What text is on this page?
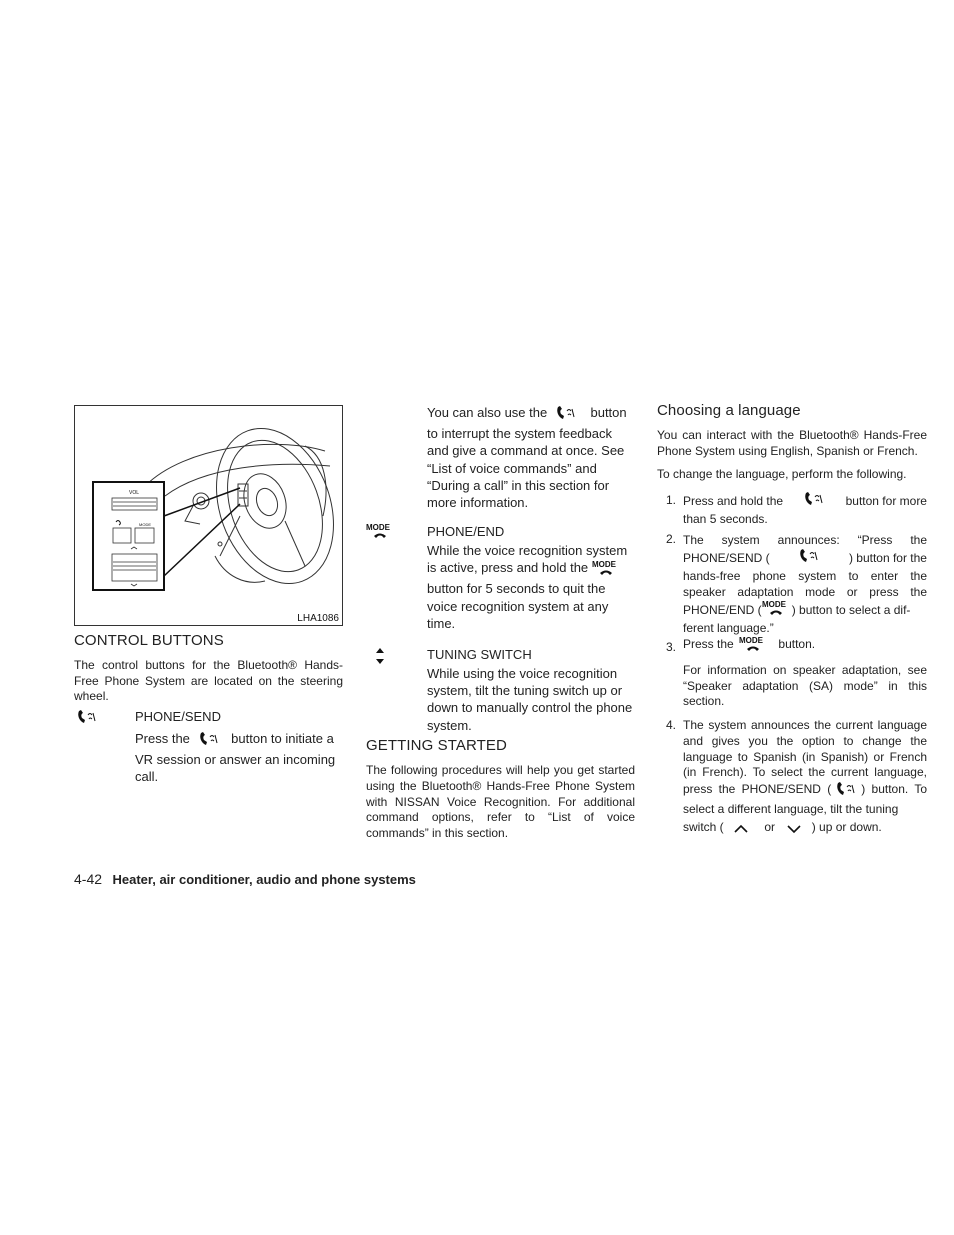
VOL
MODE
LHA1086
CONTROL BUTTONS

The control buttons for the Bluetooth® Hands-Free Phone System are located on the steering wheel.

PHONE/SEND
Press the	button to initiate a
VR session or answer an incoming call.
You can also use the	button
to interrupt the system feedback and give a command at once. See “List of voice commands” and “During a call” in this section for more information.
MODE	PHONE/END
While the voice recognition system
is active, press and hold the MODE
button for 5 seconds to quit the voice recognition system at any time.
TUNING SWITCH

While using the voice recognition system, tilt the tuning switch up or down to manually control the phone system.

GETTING STARTED

The following procedures will help you get started using the Bluetooth® Hands-Free Phone System with NISSAN Voice Recognition. For additional command options, refer to “List of voice commands” in this section.

Choosing a language

You can interact with the Bluetooth® Hands-Free Phone System using English, Spanish or French.

To change the language, perform the following.

1. Press and hold the	button for more
than 5 seconds.
2. The system announces: “Press the
PHONE/SEND (	) button for the
hands-free phone system to enter the
speaker adaptation mode or press the
PHONE/END ( MODE ) button to select a dif-
ferent language.”
3. Press the MODE button.

For information on speaker adaptation, see “Speaker adaptation (SA) mode” in this section.

4. The system announces the current language and gives you the option to change the language to Spanish (in Spanish) or French (in French). To select the current language, press the PHONE/SEND (	) button. To select a different language, tilt the tuning
switch (	or	) up or down.
4-42 Heater, air conditioner, audio and phone systems
